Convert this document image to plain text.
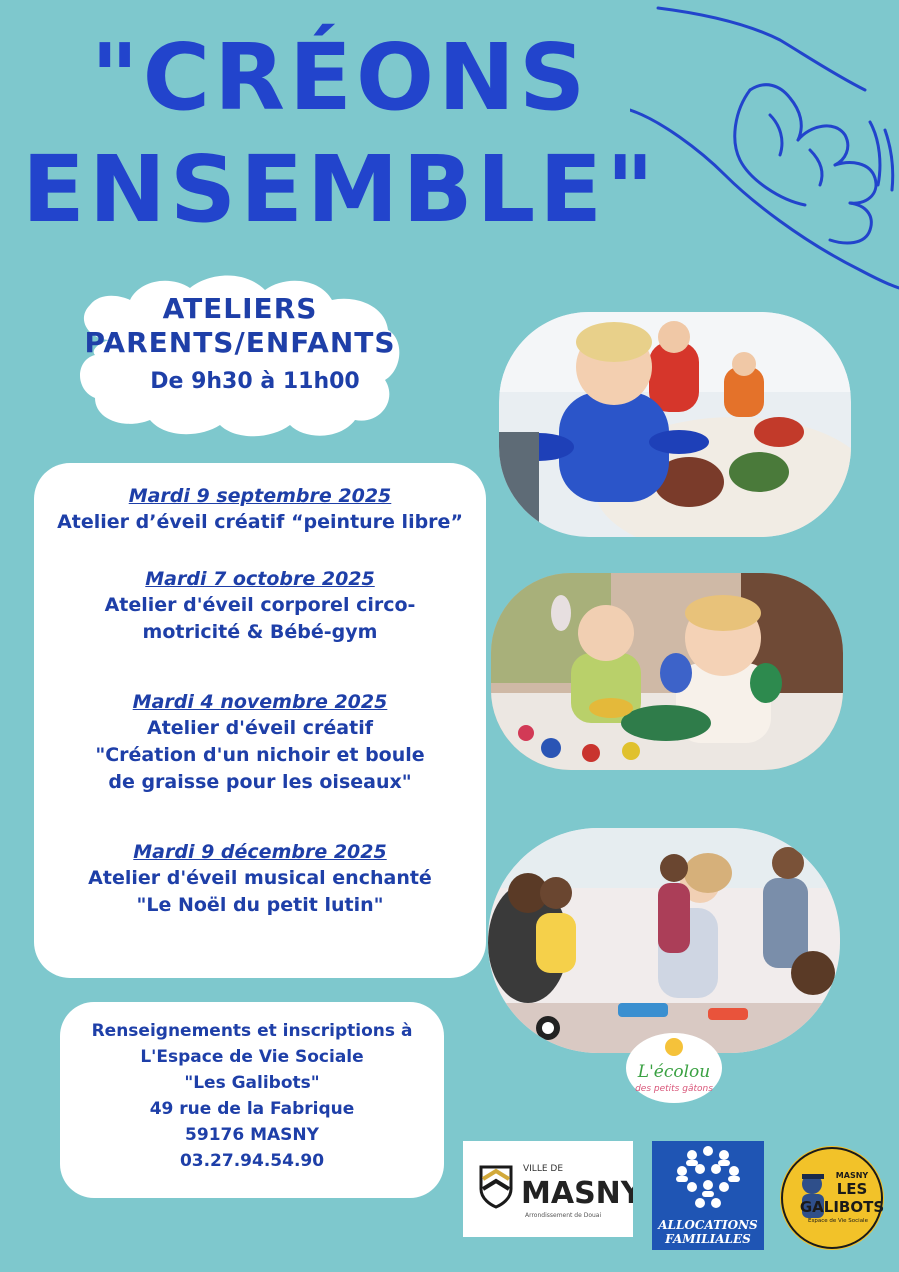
"CRÉONS
ENSEMBLE"
ATELIERS
PARENTS/ENFANTS
De 9h30 à 11h00
Mardi 9 septembre 2025
Atelier d’éveil créatif “peinture libre”
Mardi 7 octobre 2025
Atelier d'éveil corporel circo-
motricité & Bébé-gym
Mardi 4 novembre 2025
Atelier d'éveil créatif
"Création d'un nichoir et boule
de graisse pour les oiseaux"
Mardi 9 décembre 2025
Atelier d'éveil musical enchanté
"Le Noël du petit lutin"
Renseignements et inscriptions à
L'Espace de Vie Sociale
"Les Galibots"
49 rue de la Fabrique
59176 MASNY
03.27.94.54.90
L'écolou
des petits gâtons
VILLE DE
MASNY
Arrondissement de Douai
ALLOCATIONS
FAMILIALES
MASNY
LES
GALIBOTS
Espace de Vie Sociale
